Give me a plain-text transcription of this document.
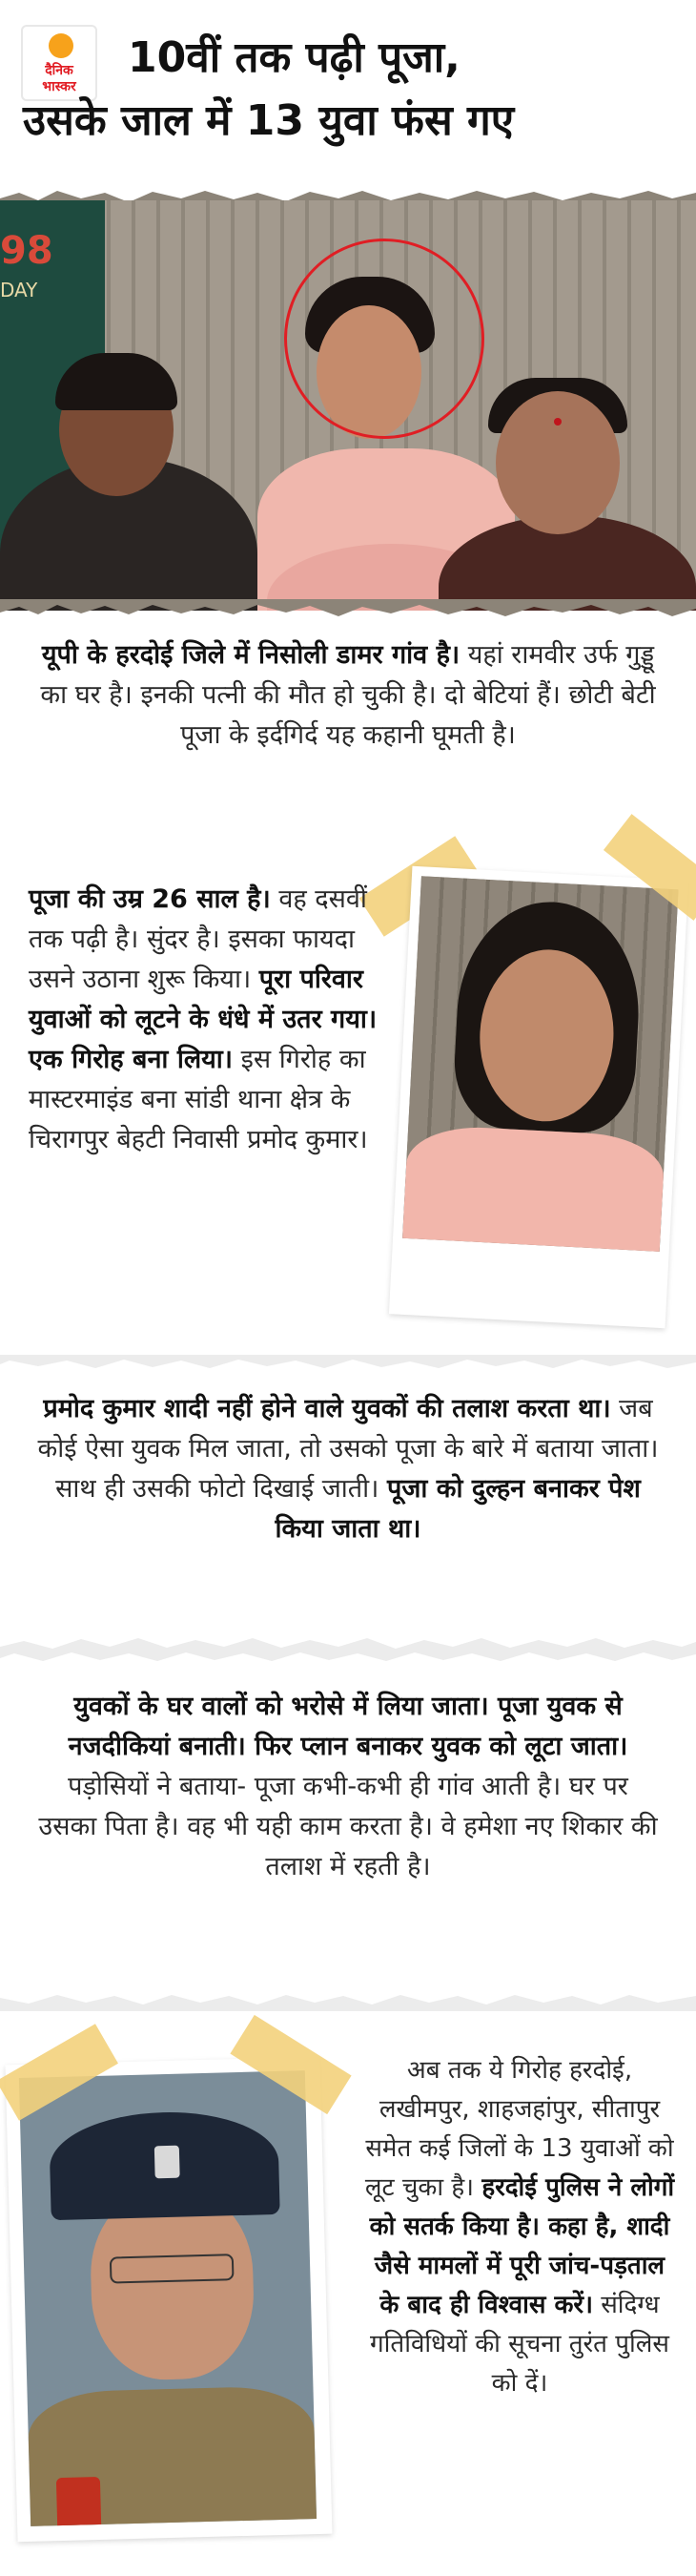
दैनिक
भास्कर
10वीं तक पढ़ी पूजा,
उसके जाल में 13 युवा फंस गए
98
DAY
यूपी के हरदोई जिले में निसोली डामर गांव है। यहां रामवीर उर्फ गुड्डू का घर है। इनकी पत्नी की मौत हो चुकी है। दो बेटियां हैं। छोटी बेटी पूजा के इर्दगिर्द यह कहानी घूमती है।
पूजा की उम्र 26 साल है। वह दसवीं तक पढ़ी है। सुंदर है। इसका फायदा उसने उठाना शुरू किया। पूरा परिवार युवाओं को लूटने के धंधे में उतर गया। एक गिरोह बना लिया। इस गिरोह का मास्टरमाइंड बना सांडी थाना क्षेत्र के चिरागपुर बेहटी निवासी प्रमोद कुमार।
प्रमोद कुमार शादी नहीं होने वाले युवकों की तलाश करता था। जब कोई ऐसा युवक मिल जाता, तो उसको पूजा के बारे में बताया जाता। साथ ही उसकी फोटो दिखाई जाती। पूजा को दुल्हन बनाकर पेश किया जाता था।
युवकों के घर वालों को भरोसे में लिया जाता। पूजा युवक से नजदीकियां बनाती। फिर प्लान बनाकर युवक को लूटा जाता। पड़ोसियों ने बताया- पूजा कभी-कभी ही गांव आती है। घर पर उसका पिता है। वह भी यही काम करता है। वे हमेशा नए शिकार की तलाश में रहती है।
अब तक ये गिरोह हरदोई, लखीमपुर, शाहजहांपुर, सीतापुर समेत कई जिलों के 13 युवाओं को लूट चुका है। हरदोई पुलिस ने लोगों को सतर्क किया है। कहा है, शादी जैसे मामलों में पूरी जांच-पड़ताल के बाद ही विश्वास करें। संदिग्ध गतिविधियों की सूचना तुरंत पुलिस को दें।
